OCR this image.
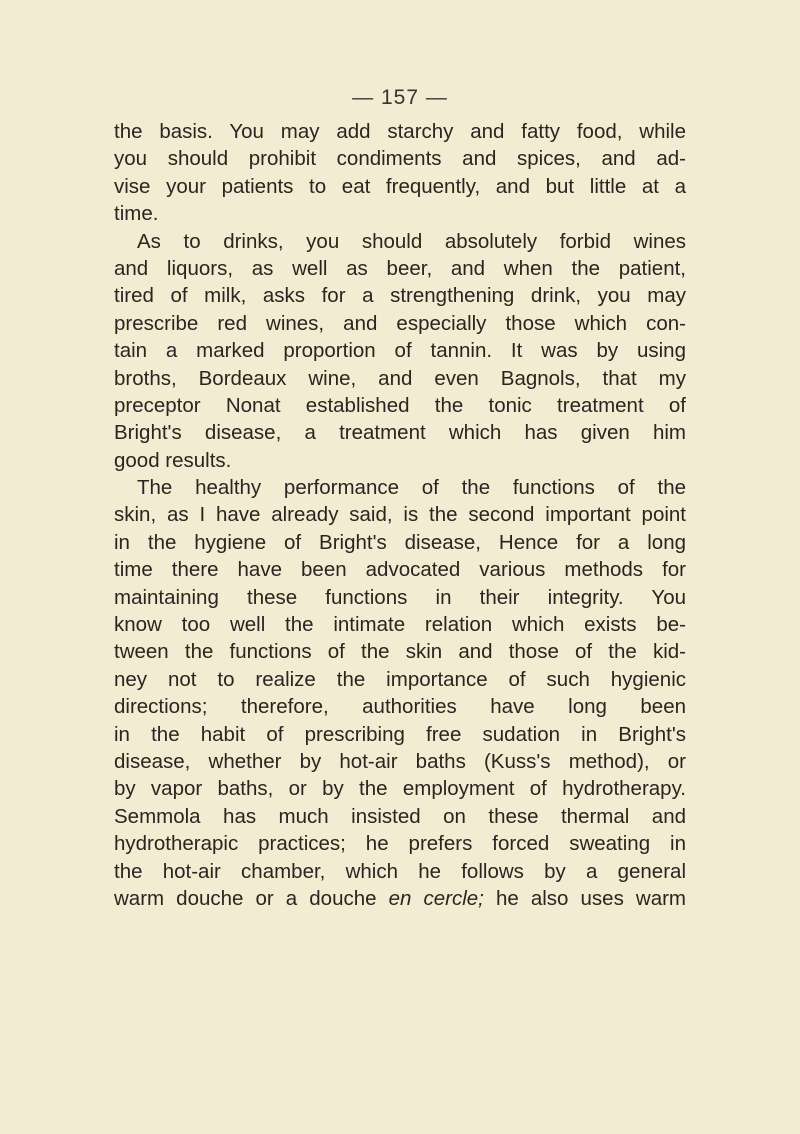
— 157 —
the basis. You may add starchy and fatty food, while
you should prohibit condiments and spices, and ad-
vise your patients to eat frequently, and but little at a
time.
As to drinks, you should absolutely forbid wines
and liquors, as well as beer, and when the patient,
tired of milk, asks for a strengthening drink, you may
prescribe red wines, and especially those which con-
tain a marked proportion of tannin. It was by using
broths, Bordeaux wine, and even Bagnols, that my
preceptor Nonat established the tonic treatment of
Bright's disease, a treatment which has given him
good results.
The healthy performance of the functions of the
skin, as I have already said, is the second important point
in the hygiene of Bright's disease, Hence for a long
time there have been advocated various methods for
maintaining these functions in their integrity. You
know too well the intimate relation which exists be-
tween the functions of the skin and those of the kid-
ney not to realize the importance of such hygienic
directions; therefore, authorities have long been
in the habit of prescribing free sudation in Bright's
disease, whether by hot-air baths (Kuss's method), or
by vapor baths, or by the employment of hydrotherapy.
Semmola has much insisted on these thermal and
hydrotherapic practices; he prefers forced sweating in
the hot-air chamber, which he follows by a general
warm douche or a douche en cercle; he also uses warm
